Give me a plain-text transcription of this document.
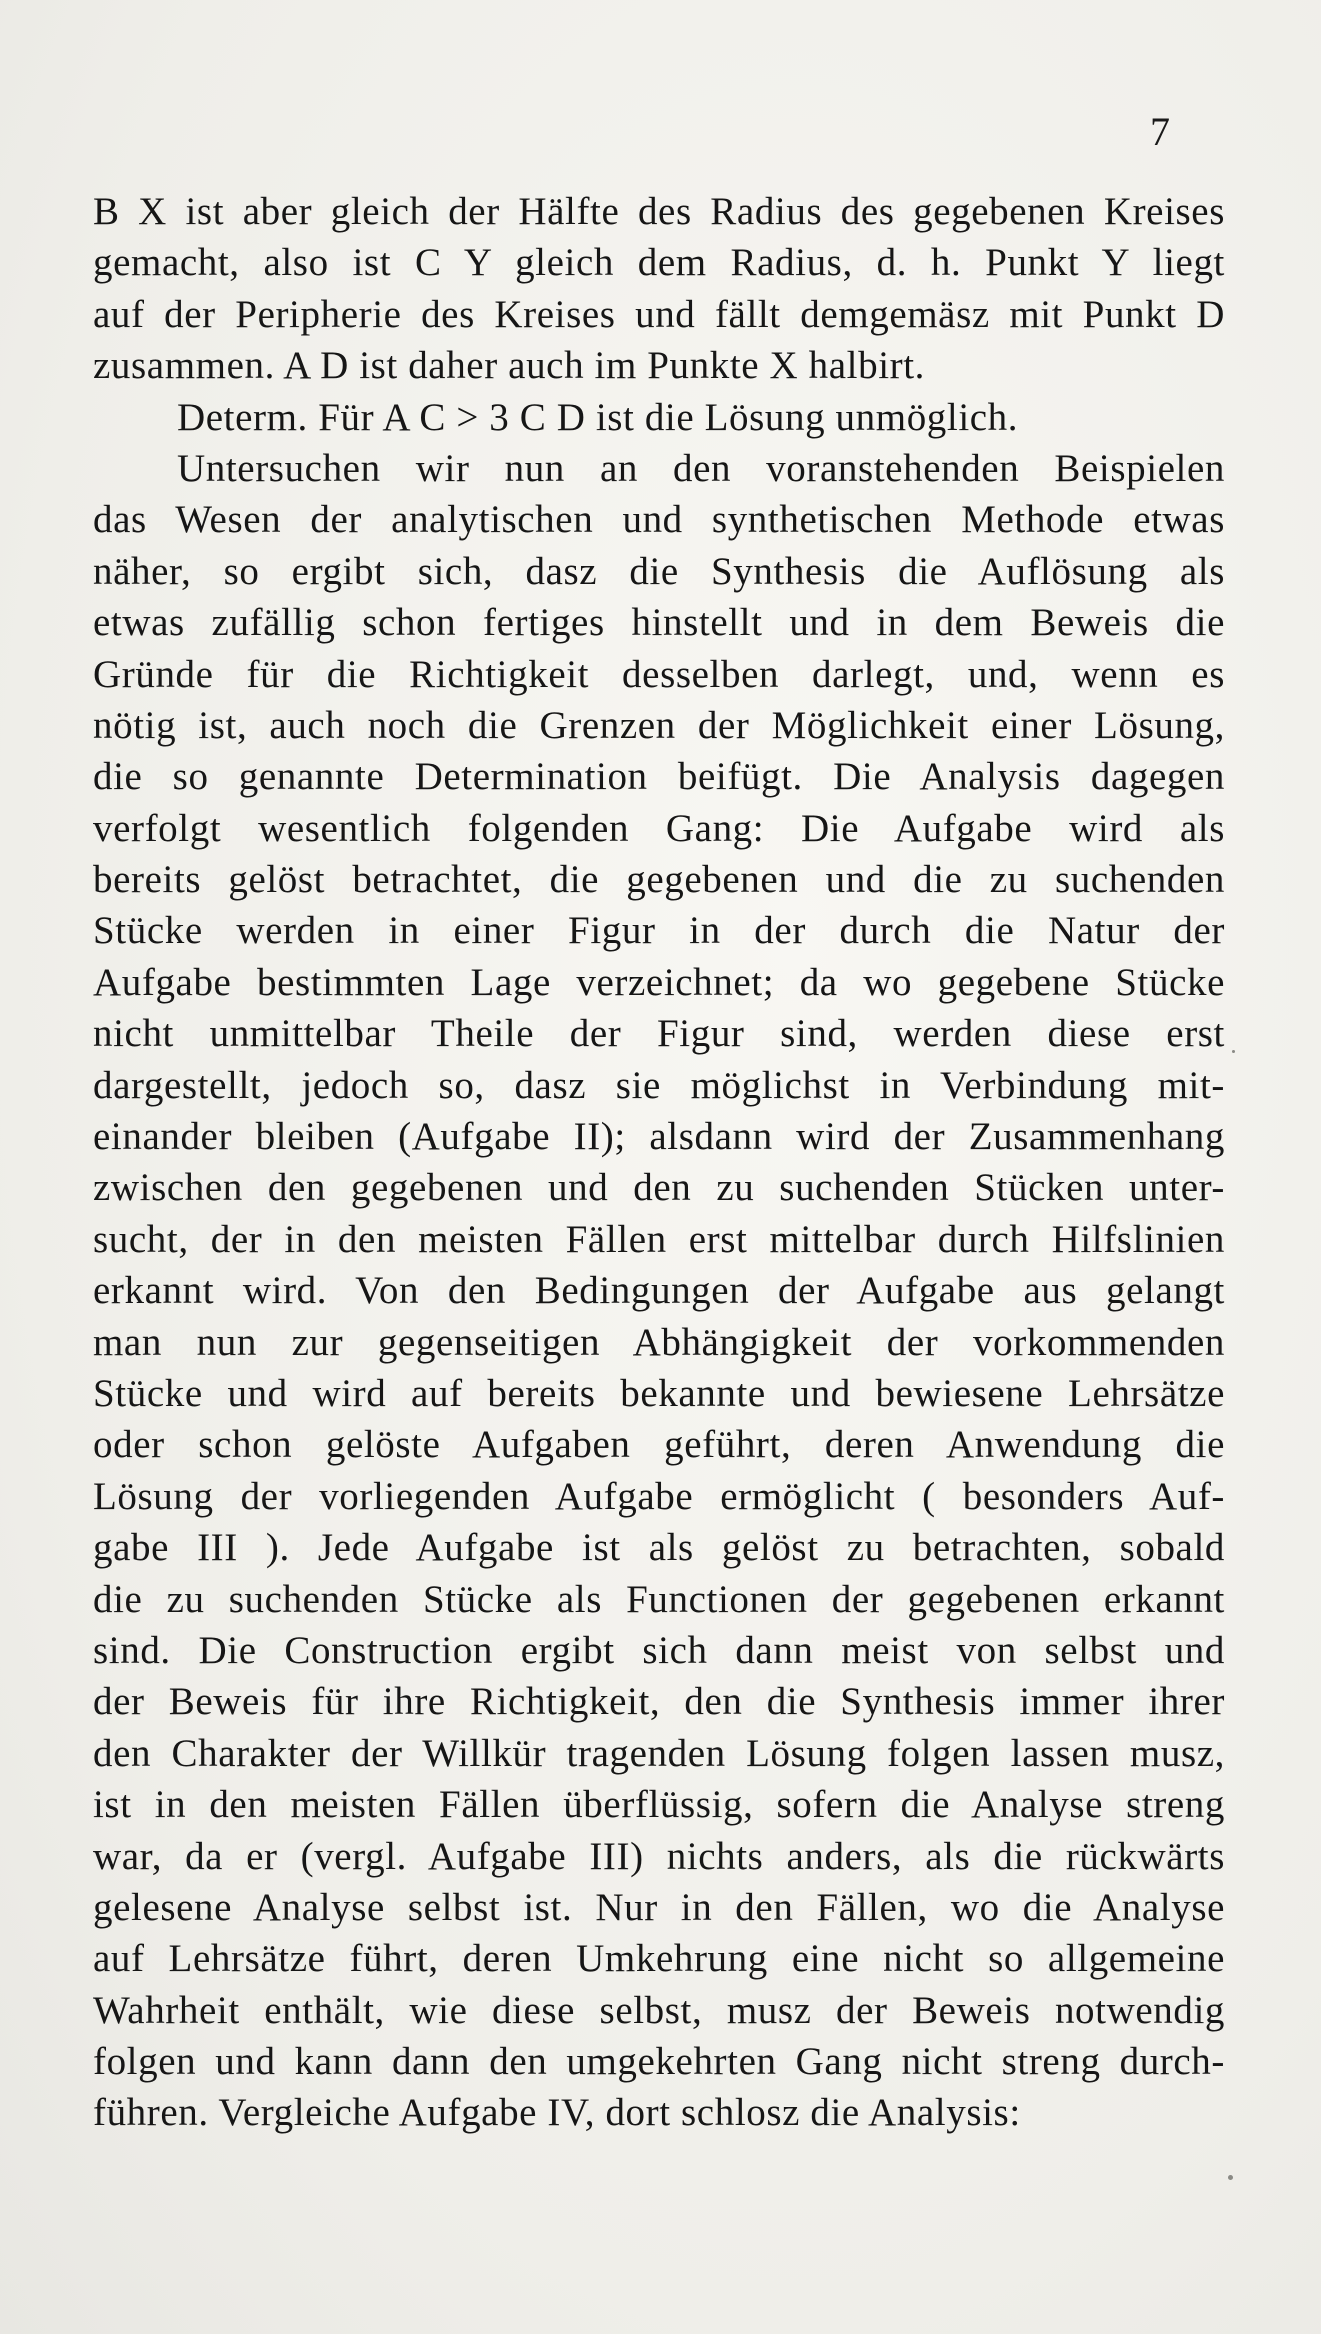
7
B X ist aber gleich der Hälfte des Radius des gegebenen Kreises
gemacht, also ist C Y gleich dem Radius, d. h. Punkt Y liegt
auf der Peripherie des Kreises und fällt demgemäsz mit Punkt D
zusammen. A D ist daher auch im Punkte X halbirt.
Determ. Für A C > 3 C D ist die Lösung unmöglich.
Untersuchen wir nun an den voranstehenden Beispielen
das Wesen der analytischen und synthetischen Methode etwas
näher, so ergibt sich, dasz die Synthesis die Auflösung als
etwas zufällig schon fertiges hinstellt und in dem Beweis die
Gründe für die Richtigkeit desselben darlegt, und, wenn es
nötig ist, auch noch die Grenzen der Möglichkeit einer Lösung,
die so genannte Determination beifügt. Die Analysis dagegen
verfolgt wesentlich folgenden Gang: Die Aufgabe wird als
bereits gelöst betrachtet, die gegebenen und die zu suchenden
Stücke werden in einer Figur in der durch die Natur der
Aufgabe bestimmten Lage verzeichnet; da wo gegebene Stücke
nicht unmittelbar Theile der Figur sind, werden diese erst
dargestellt, jedoch so, dasz sie möglichst in Verbindung mit-
einander bleiben (Aufgabe II); alsdann wird der Zusammenhang
zwischen den gegebenen und den zu suchenden Stücken unter-
sucht, der in den meisten Fällen erst mittelbar durch Hilfslinien
erkannt wird. Von den Bedingungen der Aufgabe aus gelangt
man nun zur gegenseitigen Abhängigkeit der vorkommenden
Stücke und wird auf bereits bekannte und bewiesene Lehrsätze
oder schon gelöste Aufgaben geführt, deren Anwendung die
Lösung der vorliegenden Aufgabe ermöglicht ( besonders Auf-
gabe III ). Jede Aufgabe ist als gelöst zu betrachten, sobald
die zu suchenden Stücke als Functionen der gegebenen erkannt
sind. Die Construction ergibt sich dann meist von selbst und
der Beweis für ihre Richtigkeit, den die Synthesis immer ihrer
den Charakter der Willkür tragenden Lösung folgen lassen musz,
ist in den meisten Fällen überflüssig, sofern die Analyse streng
war, da er (vergl. Aufgabe III) nichts anders, als die rückwärts
gelesene Analyse selbst ist. Nur in den Fällen, wo die Analyse
auf Lehrsätze führt, deren Umkehrung eine nicht so allgemeine
Wahrheit enthält, wie diese selbst, musz der Beweis notwendig
folgen und kann dann den umgekehrten Gang nicht streng durch-
führen. Vergleiche Aufgabe IV, dort schlosz die Analysis:
